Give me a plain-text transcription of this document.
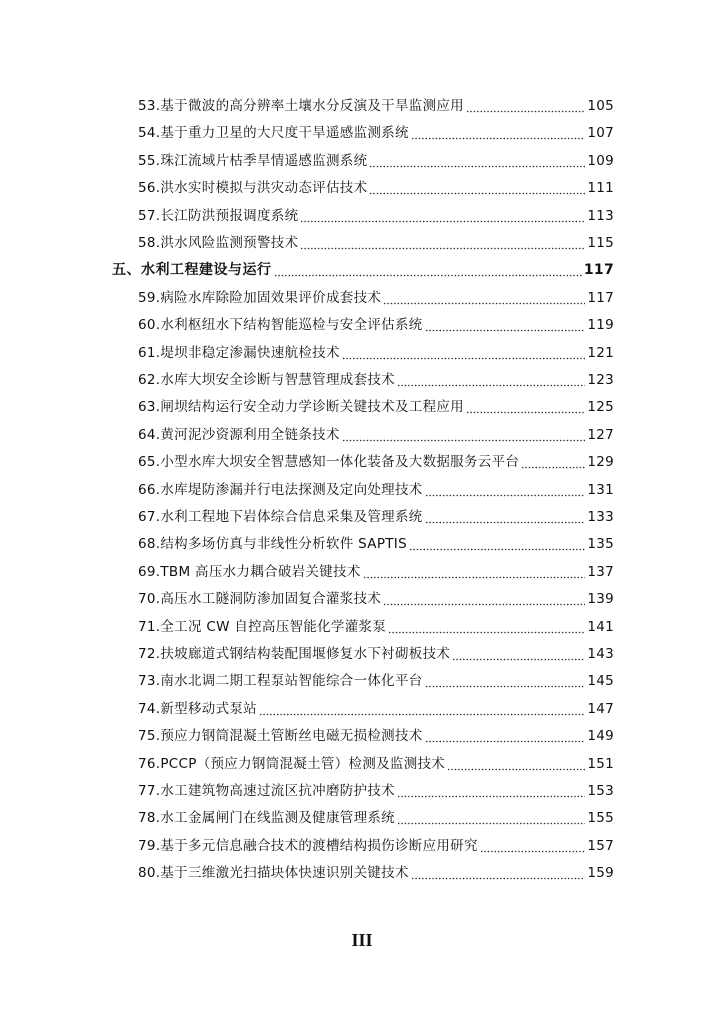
53.基于微波的高分辨率土壤水分反演及干旱监测应用	105
54.基于重力卫星的大尺度干旱遥感监测系统	107
55.珠江流域片枯季旱情遥感监测系统	109
56.洪水实时模拟与洪灾动态评估技术	111
57.长江防洪预报调度系统	113
58.洪水风险监测预警技术	115
五、水利工程建设与运行	117
59.病险水库除险加固效果评价成套技术	117
60.水利枢纽水下结构智能巡检与安全评估系统	119
61.堤坝非稳定渗漏快速航检技术	121
62.水库大坝安全诊断与智慧管理成套技术	123
63.闸坝结构运行安全动力学诊断关键技术及工程应用	125
64.黄河泥沙资源利用全链条技术	127
65.小型水库大坝安全智慧感知一体化装备及大数据服务云平台	129
66.水库堤防渗漏并行电法探测及定向处理技术	131
67.水利工程地下岩体综合信息采集及管理系统	133
68.结构多场仿真与非线性分析软件 SAPTIS	135
69.TBM 高压水力耦合破岩关键技术	137
70.高压水工隧洞防渗加固复合灌浆技术	139
71.全工况 CW 自控高压智能化学灌浆泵	141
72.扶坡廊道式钢结构装配围堰修复水下衬砌板技术	143
73.南水北调二期工程泵站智能综合一体化平台	145
74.新型移动式泵站	147
75.预应力钢筒混凝土管断丝电磁无损检测技术	149
76.PCCP（预应力钢筒混凝土管）检测及监测技术	151
77.水工建筑物高速过流区抗冲磨防护技术	153
78.水工金属闸门在线监测及健康管理系统	155
79.基于多元信息融合技术的渡槽结构损伤诊断应用研究	157
80.基于三维激光扫描块体快速识别关键技术	159
III
